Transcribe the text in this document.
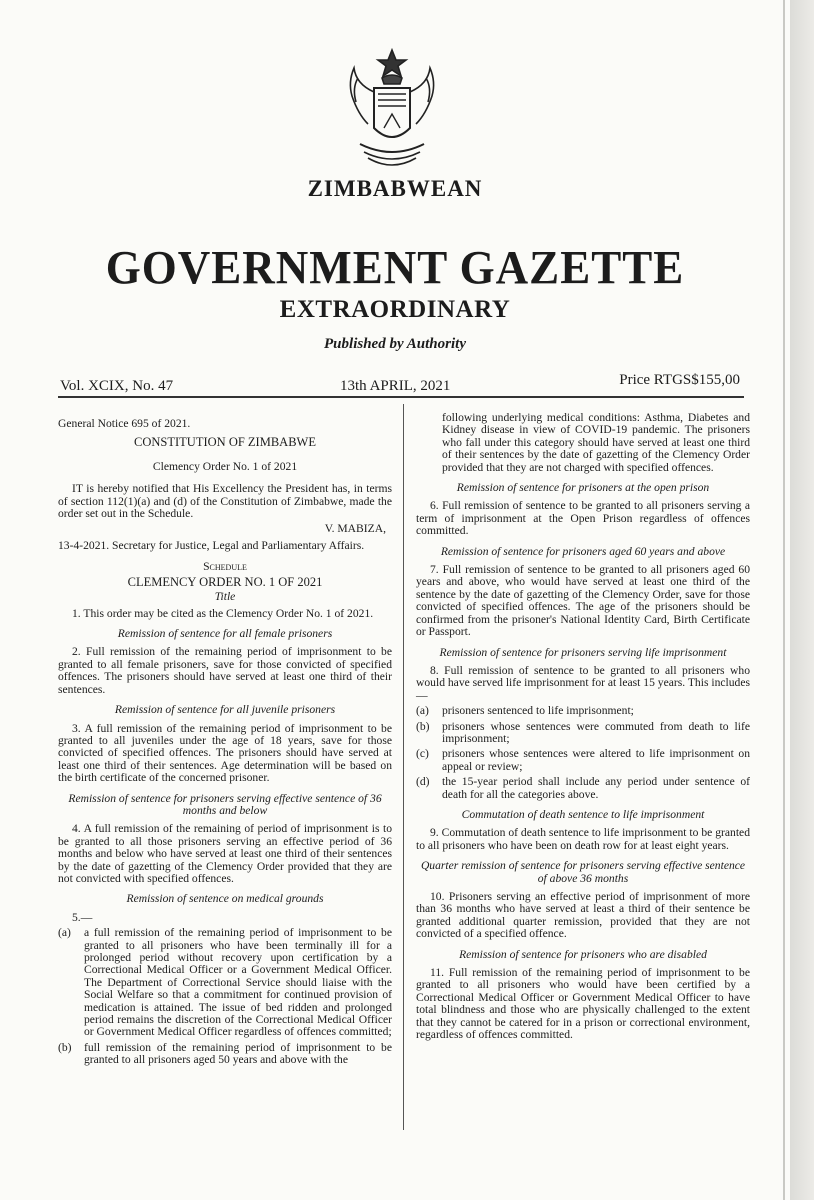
ZIMBABWEAN
GOVERNMENT GAZETTE
EXTRAORDINARY
Published by Authority
Vol. XCIX, No. 47	13th APRIL, 2021	Price RTGS$155,00

General Notice 695 of 2021.

CONSTITUTION OF ZIMBABWE
Clemency Order No. 1 of 2021

IT is hereby notified that His Excellency the President has, in terms of section 112(1)(a) and (d) of the Constitution of Zimbabwe, made the order set out in the Schedule.

V. MABIZA,
13-4-2021. Secretary for Justice, Legal and Parliamentary Affairs.
Schedule
CLEMENCY ORDER NO. 1 OF 2021
Title

1. This order may be cited as the Clemency Order No. 1 of 2021.

Remission of sentence for all female prisoners

2. Full remission of the remaining period of imprisonment to be granted to all female prisoners, save for those convicted of specified offences. The prisoners should have served at least one third of their sentences.

Remission of sentence for all juvenile prisoners

3. A full remission of the remaining period of imprisonment to be granted to all juveniles under the age of 18 years, save for those convicted of specified offences. The prisoners should have served at least one third of their sentences. Age determination will be based on the birth certificate of the concerned prisoner.

Remission of sentence for prisoners serving effective sentence of 36 months and below

4. A full remission of the remaining of period of imprisonment is to be granted to all those prisoners serving an effective period of 36 months and below who have served at least one third of their sentences by the date of gazetting of the Clemency Order provided that they are not convicted with specified offences.

Remission of sentence on medical grounds

5.—

(a)	a full remission of the remaining period of imprisonment to be granted to all prisoners who have been terminally ill for a prolonged period without recovery upon certification by a Correctional Medical Officer or a Government Medical Officer. The Department of Correctional Service should liaise with the Social Welfare so that a commitment for continued provision of medication is attained. The issue of bed ridden and prolonged period remains the discretion of the Correctional Medical Officer or Government Medical Officer regardless of offences committed;
(b)	full remission of the remaining period of imprisonment to be granted to all prisoners aged 50 years and above with the

following underlying medical conditions: Asthma, Diabetes and Kidney disease in view of COVID-19 pandemic. The prisoners who fall under this category should have served at least one third of their sentences by the date of gazetting of the Clemency Order provided that they are not charged with specified offences.

Remission of sentence for prisoners at the open prison

6. Full remission of sentence to be granted to all prisoners serving a term of imprisonment at the Open Prison regardless of offences committed.

Remission of sentence for prisoners aged 60 years and above

7. Full remission of sentence to be granted to all prisoners aged 60 years and above, who would have served at least one third of the sentence by the date of gazetting of the Clemency Order, save for those convicted of specified offences. The age of the prisoners should be confirmed from the prisoner's National Identity Card, Birth Certificate or Passport.

Remission of sentence for prisoners serving life imprisonment

8. Full remission of sentence to be granted to all prisoners who would have served life imprisonment for at least 15 years. This includes—

(a)	prisoners sentenced to life imprisonment;
(b)	prisoners whose sentences were commuted from death to life imprisonment;
(c)	prisoners whose sentences were altered to life imprisonment on appeal or review;
(d)	the 15-year period shall include any period under sentence of death for all the categories above.
Commutation of death sentence to life imprisonment

9. Commutation of death sentence to life imprisonment to be granted to all prisoners who have been on death row for at least eight years.

Quarter remission of sentence for prisoners serving effective sentence of above 36 months

10. Prisoners serving an effective period of imprisonment of more than 36 months who have served at least a third of their sentence be granted additional quarter remission, provided that they are not convicted of a specified offence.

Remission of sentence for prisoners who are disabled

11. Full remission of the remaining period of imprisonment to be granted to all prisoners who would have been certified by a Correctional Medical Officer or Government Medical Officer to have total blindness and those who are physically challenged to the extent that they cannot be catered for in a prison or correctional environment, regardless of offences committed.
